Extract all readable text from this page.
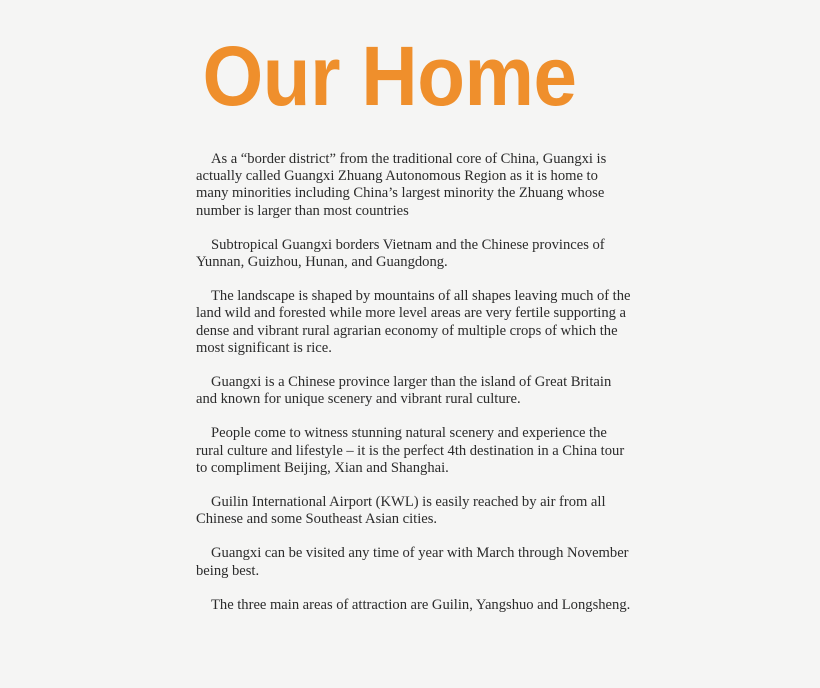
Our Home

As a “border district” from the traditional core of China, Guangxi is actually called Guangxi Zhuang Autonomous Region as it is home to many minorities including China’s largest minority the Zhuang whose number is larger than most countries

Subtropical Guangxi borders Vietnam and the Chinese provinces of Yunnan, Guizhou, Hunan, and Guangdong.

The landscape is shaped by mountains of all shapes leaving much of the land wild and forested while more level areas are very fertile supporting a dense and vibrant rural agrarian economy of multiple crops of which the most significant is rice.

Guangxi is a Chinese province larger than the island of Great Britain and known for unique scenery and vibrant rural culture.

People come to witness stunning natural scenery and experience the rural culture and lifestyle – it is the perfect 4th destination in a China tour to compliment Beijing, Xian and Shanghai.

Guilin International Airport (KWL) is easily reached by air from all Chinese and some Southeast Asian cities.

Guangxi can be visited any time of year with March through November being best.

The three main areas of attraction are Guilin, Yangshuo and Longsheng.
